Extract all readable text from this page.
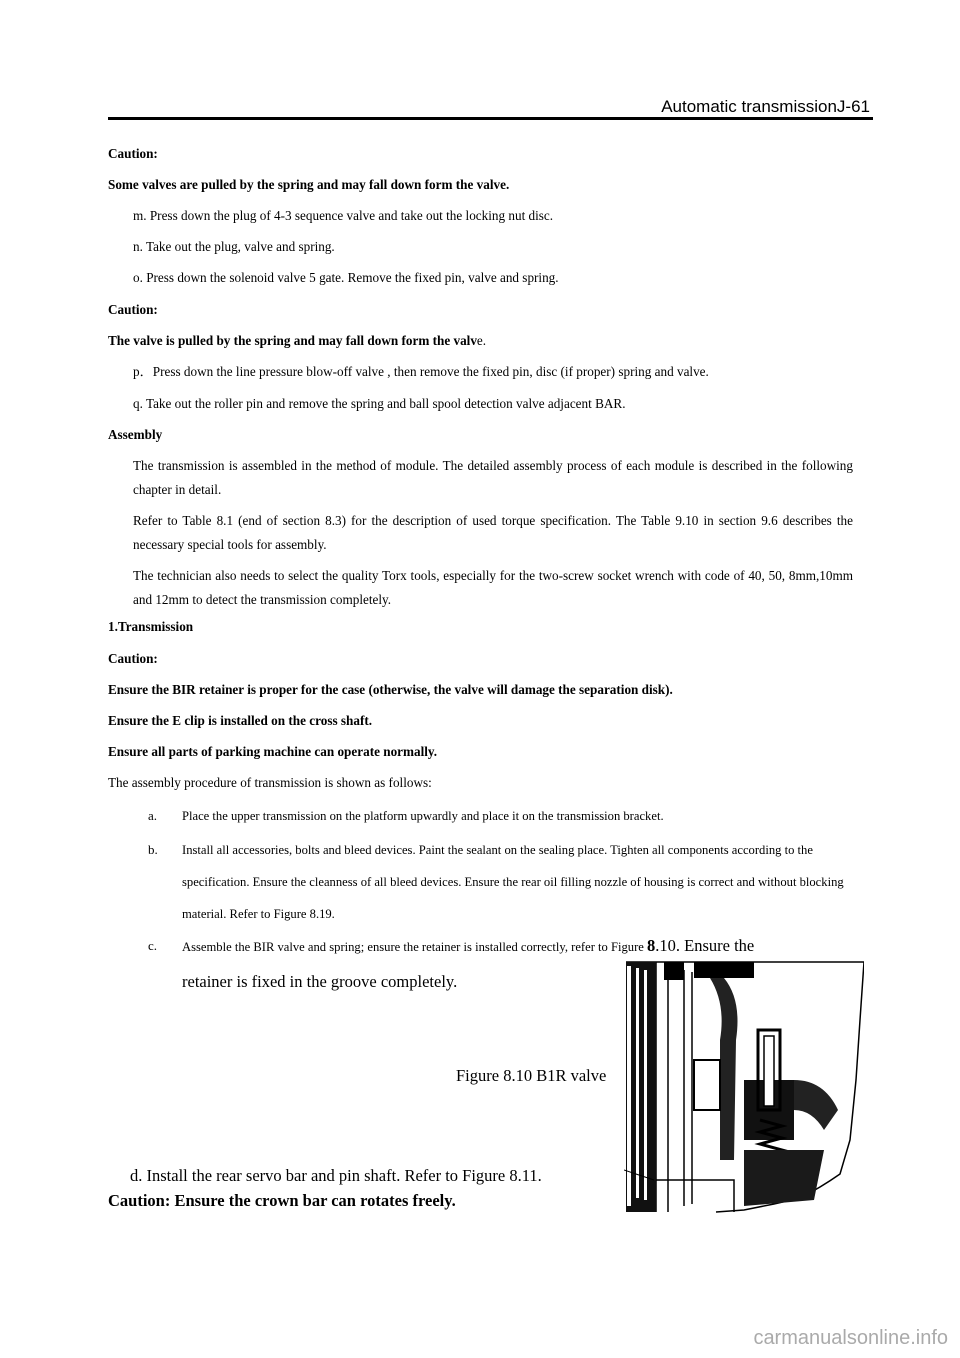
Automatic transmissionJ-61
Caution:
Some valves are pulled by the spring and may fall down form the valve.
m. Press down the plug of 4-3 sequence valve and take out the locking nut disc.
n. Take out the plug, valve and spring.
o. Press down the solenoid valve 5 gate. Remove the fixed pin, valve and spring.
Caution:
The valve is pulled by the spring and may fall down form the valve.
p．Press down the line pressure blow-off valve , then remove the fixed pin, disc (if proper) spring and valve.
q. Take out the roller pin and remove the spring and ball spool detection valve adjacent BAR.
Assembly
The transmission is assembled in the method of module. The detailed assembly process of each module is described in the following chapter in detail.
Refer to Table 8.1 (end of section 8.3) for the description of used torque specification. The Table 9.10 in section 9.6 describes the necessary special tools for assembly.
The technician also needs to select the quality Torx tools, especially for the two-screw socket wrench with code of 40, 50, 8mm,10mm and 12mm to detect the transmission completely.
1.Transmission
Caution:
Ensure the BIR retainer is proper for the case (otherwise, the valve will damage the separation disk).
Ensure the E clip is installed on the cross shaft.
Ensure all parts of parking machine can operate normally.
The assembly procedure of transmission is shown as follows:
a. Place the upper transmission on the platform upwardly and place it on the transmission bracket.
b. Install all accessories, bolts and bleed devices. Paint the sealant on the sealing place. Tighten all components according to the specification. Ensure the cleanness of all bleed devices. Ensure the rear oil filling nozzle of housing is correct and without blocking material. Refer to Figure 8.19.
c. Assemble the BIR valve and spring; ensure the retainer is installed correctly, refer to Figure 8.10. Ensure the
retainer is fixed in the groove completely.
Figure 8.10 B1R valve
d. Install the rear servo bar and pin shaft. Refer to Figure 8.11.
Caution: Ensure the crown bar can rotates freely.
carmanualsonline.info
